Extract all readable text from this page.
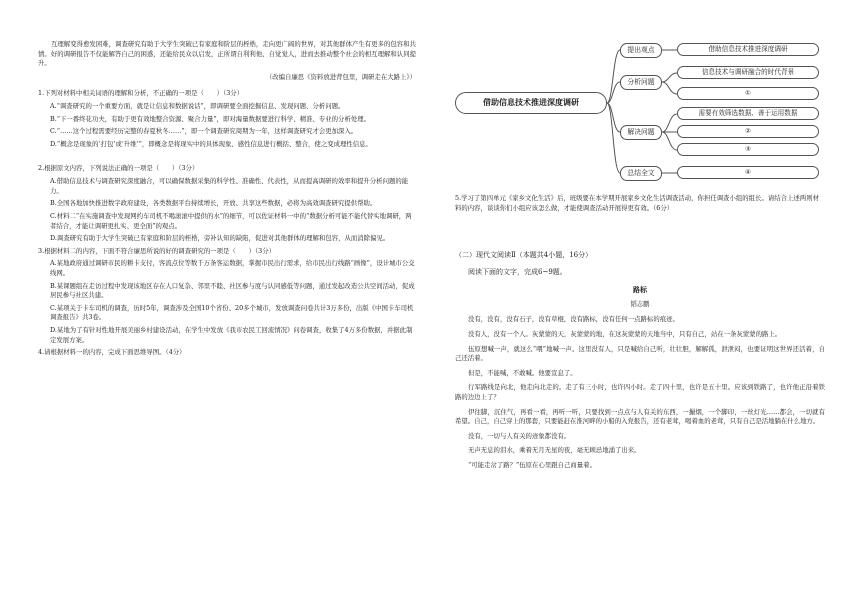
互理解变得愈发困难，调查研究有助于大学生突破已有家庭和阶层的桎梏，走向更广阔的世界，对其他群体产生有更多的包容和共情。好的调研报告不仅能解答自己的困惑，还能给民众以启发，正所谓自利利他、自觉觉人，进而去推动整个社会的相互理解和认同提升。

（改编自廉思《资料放进背包里，调研走在大路上》）

1.下列对材料中相关词语的理解和分析，不正确的一项是（　　）（3分）

A.“调查研究的一个重要方面，就是让信息和数据说话”，即调研要全面挖掘信息、发现问题、分析问题。

B.“下一番终花功夫，有助于更有效地整合资源、聚合力量”，即对海量数据要进行科学、精准、专业的分析处理。

C.“……这个过程需要经历完整的春夏秋冬……”，即一个调查研究周期为一年，这样调查研究才会更加深入。

D.“概念是现象的‘打包’或‘升维’”，即概念是将现实中的具体现象、感性信息进行概括、整合，使之变成理性信息。

2.根据原文内容，下列说法正确的一项是（　　）（3分）

A.借助信息技术与调查研究深度融合，可以确保数据采集的科学性、准确性、代表性，从而提高调研的效率和提升分析问题的能力。

B.全国各地加快推进数字政府建设，各类数据平台持续增长，开放、共享这些数据，必将为高效调查研究提供帮助。

C.材料二“在实施调查中发现网约车司机不喝滚滚中提供的水”的细节，可以佐证材料一中的“数据分析可能不能代替实地调研，两者结合，才能让调研更扎实、更全面”的观点。

D.调查研究有助于大学生突破已有家庭和阶层的桎梏，旁补认知的缺陷，促进对其他群体的理解和包容，从而消除偏见。

3.根据材料二的内容，下面不符合廉思所说的好的调查研究的一项是（　　）（3分）

A.某地政府通过调研市民的耕卡支付，客流点位等数千万条客运数据，掌握市民出行需求，给市民出行线路“画像”，设计城市公交线网。

B.某课题组在走访过程中发现该地区存在人口复杂、邻里不睦、社区参与度与认同感低等问题，通过发起改造公共空间活动，促成居民参与社区共建。

C.某项关于卡车司机的调查，历时5年，调查涉及全国10个省份、20多个城市，发放调查问卷共计3万多份，出版《中国卡车司机调查报告》共3卷。

D.某地为了有针对性地开展美丽乡村建设活动，在学生中发放《我市农民工回流情况》问卷调查，收集了4万多份数据，并据此制定发展方案。

4.请根据材料一的内容，完成下面思维导图。（4分）

借助信息技术推进深度调研
提出观点
分析问题
解决问题
总结全文
借助信息技术推进深度调研
信息技术与调研融合的时代背景
①
需要有效筛选数据、善于运用数据
②
③
④

5.学习了第四单元《家乡文化生活》后，班级要在本学期开展家乡文化生活调查活动，你担任调查小组的组长。请结合上述两则材料的内容，谈谈你们小组应该怎么做，才能使调查活动开展得更有效。（6分）

（二）现代文阅读Ⅱ（本题共4小题，16分）

阅读下面的文字，完成6~9题。

路标

韬志鹏

没有，没有，没有石子，没有草棍，没有路标，没有任何一点路标的痕迹。

没有人，没有一个人。灰蒙蒙的天，灰蒙蒙的地，在这灰蒙蒙的天地当中，只有自己，站在一条灰蒙蒙的路上。

伍原想喊一声，就这么“喂”地喊一声。这里没有人，只是喊给自己听，壮壮胆，解解孤，泄泄闷，也要证明这世界还活着，自己还活着。

但是，不能喊，不敢喊。他要宣息了。

行军路线是向北，他走向北走的。走了有三小时，也许四小时。走了四十里，也许是五十里。应该到铁路了，也许他正沿着铁路的边边上了？

伊往脚，沉住气，再看一看，再听一听，只要找到一点点与人有关的东西，一撮烟，一个脚印，一丝灯光……都会，一切就有希望。自己，自己穿上的那套，只要能赶在淮河畔的小船的入党报告，还有老茸，喝着血的老茸，只有自己是活地躺在什么地方。

没有，一切与人有关的迹象都没有。

无声无息的泪水，乘着无月无星的夜，毫无顾忌地涌了出来。

“可能走岔了路？”伍原在心里跟自己商量着。
